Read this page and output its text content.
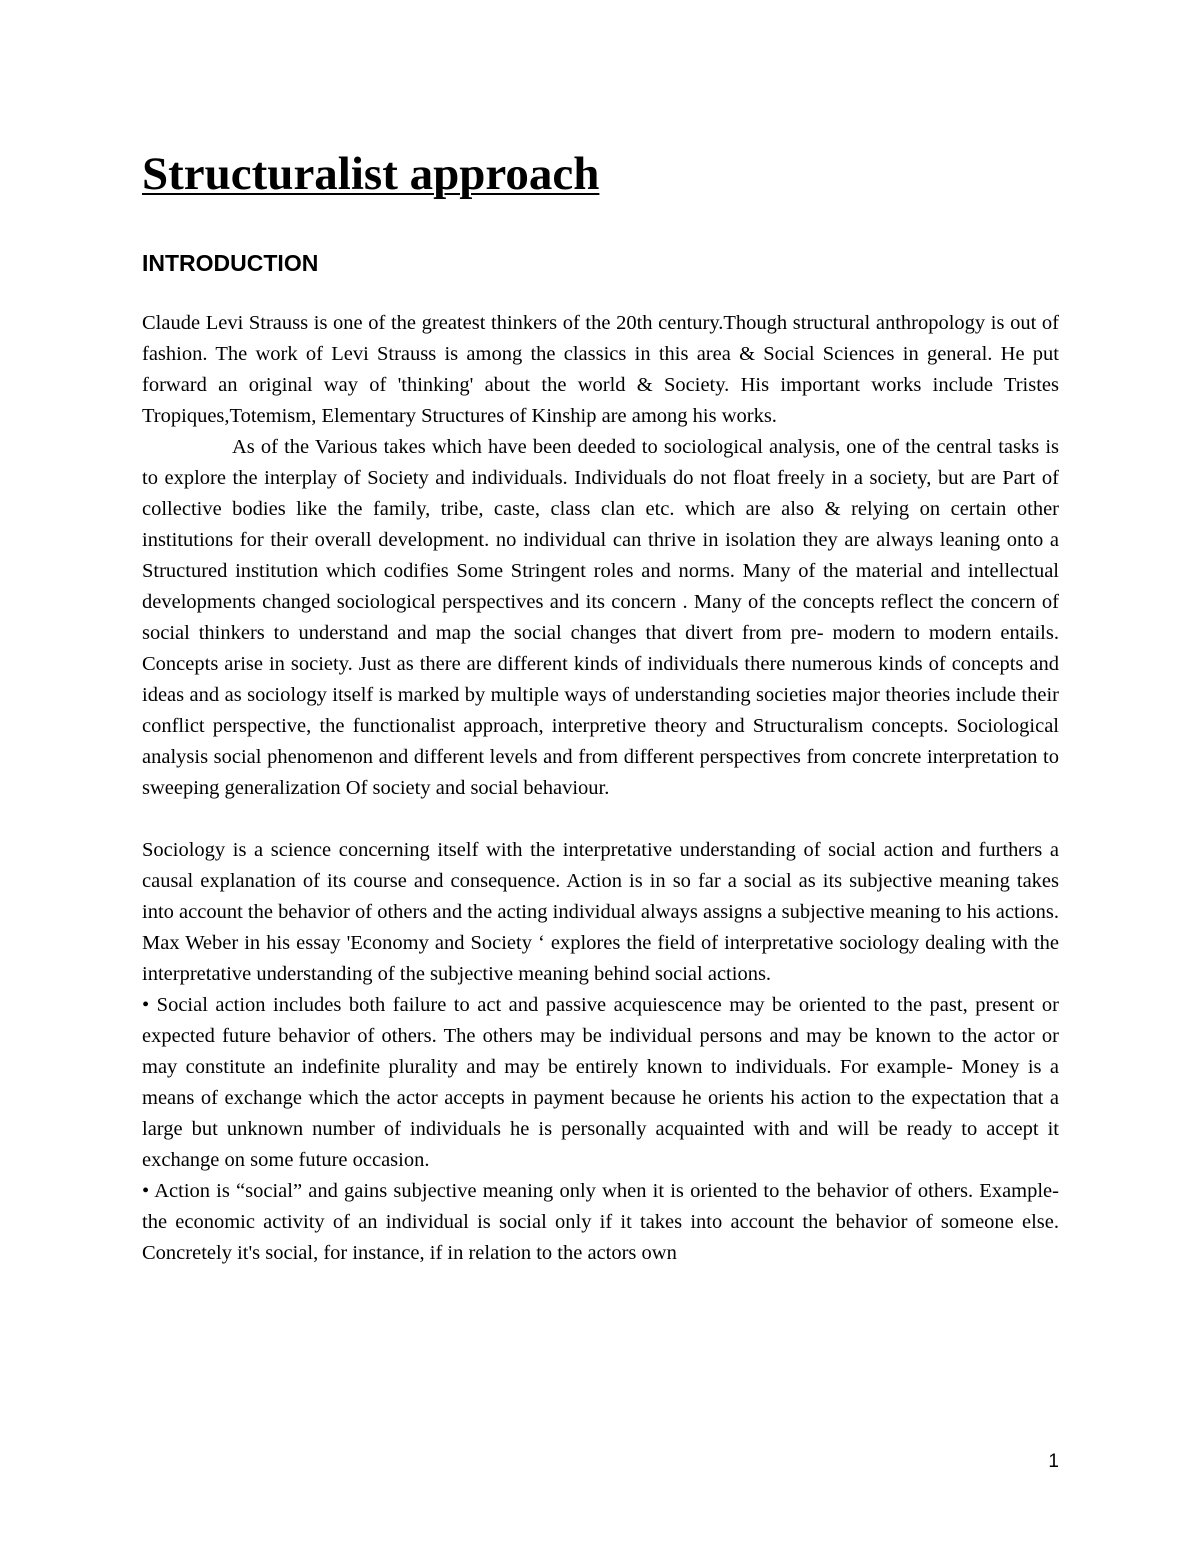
Structuralist approach
INTRODUCTION

Claude Levi Strauss is one of the greatest thinkers of the 20th century.Though structural anthropology is out of fashion. The work of Levi Strauss is among the classics in this area & Social Sciences in general. He put forward an original way of 'thinking' about the world & Society. His important works include Tristes Tropiques,Totemism, Elementary Structures of Kinship are among his works.

As of the Various takes which have been deeded to sociological analysis, one of the central tasks is to explore the interplay of Society and individuals. Individuals do not float freely in a society, but are Part of collective bodies like the family, tribe, caste, class clan etc. which are also & relying on certain other institutions for their overall development. no individual can thrive in isolation they are always leaning onto a Structured institution which codifies Some Stringent roles and norms. Many of the material and intellectual developments changed sociological perspectives and its concern . Many of the concepts reflect the concern of social thinkers to understand and map the social changes that divert from pre- modern to modern entails. Concepts arise in society. Just as there are different kinds of individuals there numerous kinds of concepts and ideas and as sociology itself is marked by multiple ways of understanding societies major theories include their conflict perspective, the functionalist approach, interpretive theory and Structuralism concepts. Sociological analysis social phenomenon and different levels and from different perspectives from concrete interpretation to sweeping generalization Of society and social behaviour.

Sociology is a science concerning itself with the interpretative understanding of social action and furthers a causal explanation of its course and consequence. Action is in so far a social as its subjective meaning takes into account the behavior of others and the acting individual always assigns a subjective meaning to his actions. Max Weber in his essay 'Economy and Society ‘ explores the field of interpretative sociology dealing with the interpretative understanding of the subjective meaning behind social actions.

• Social action includes both failure to act and passive acquiescence may be oriented to the past, present or expected future behavior of others. The others may be individual persons and may be known to the actor or may constitute an indefinite plurality and may be entirely known to individuals. For example- Money is a means of exchange which the actor accepts in payment because he orients his action to the expectation that a large but unknown number of individuals he is personally acquainted with and will be ready to accept it exchange on some future occasion.

• Action is “social” and gains subjective meaning only when it is oriented to the behavior of others. Example- the economic activity of an individual is social only if it takes into account the behavior of someone else. Concretely it's social, for instance, if in relation to the actors own

1
